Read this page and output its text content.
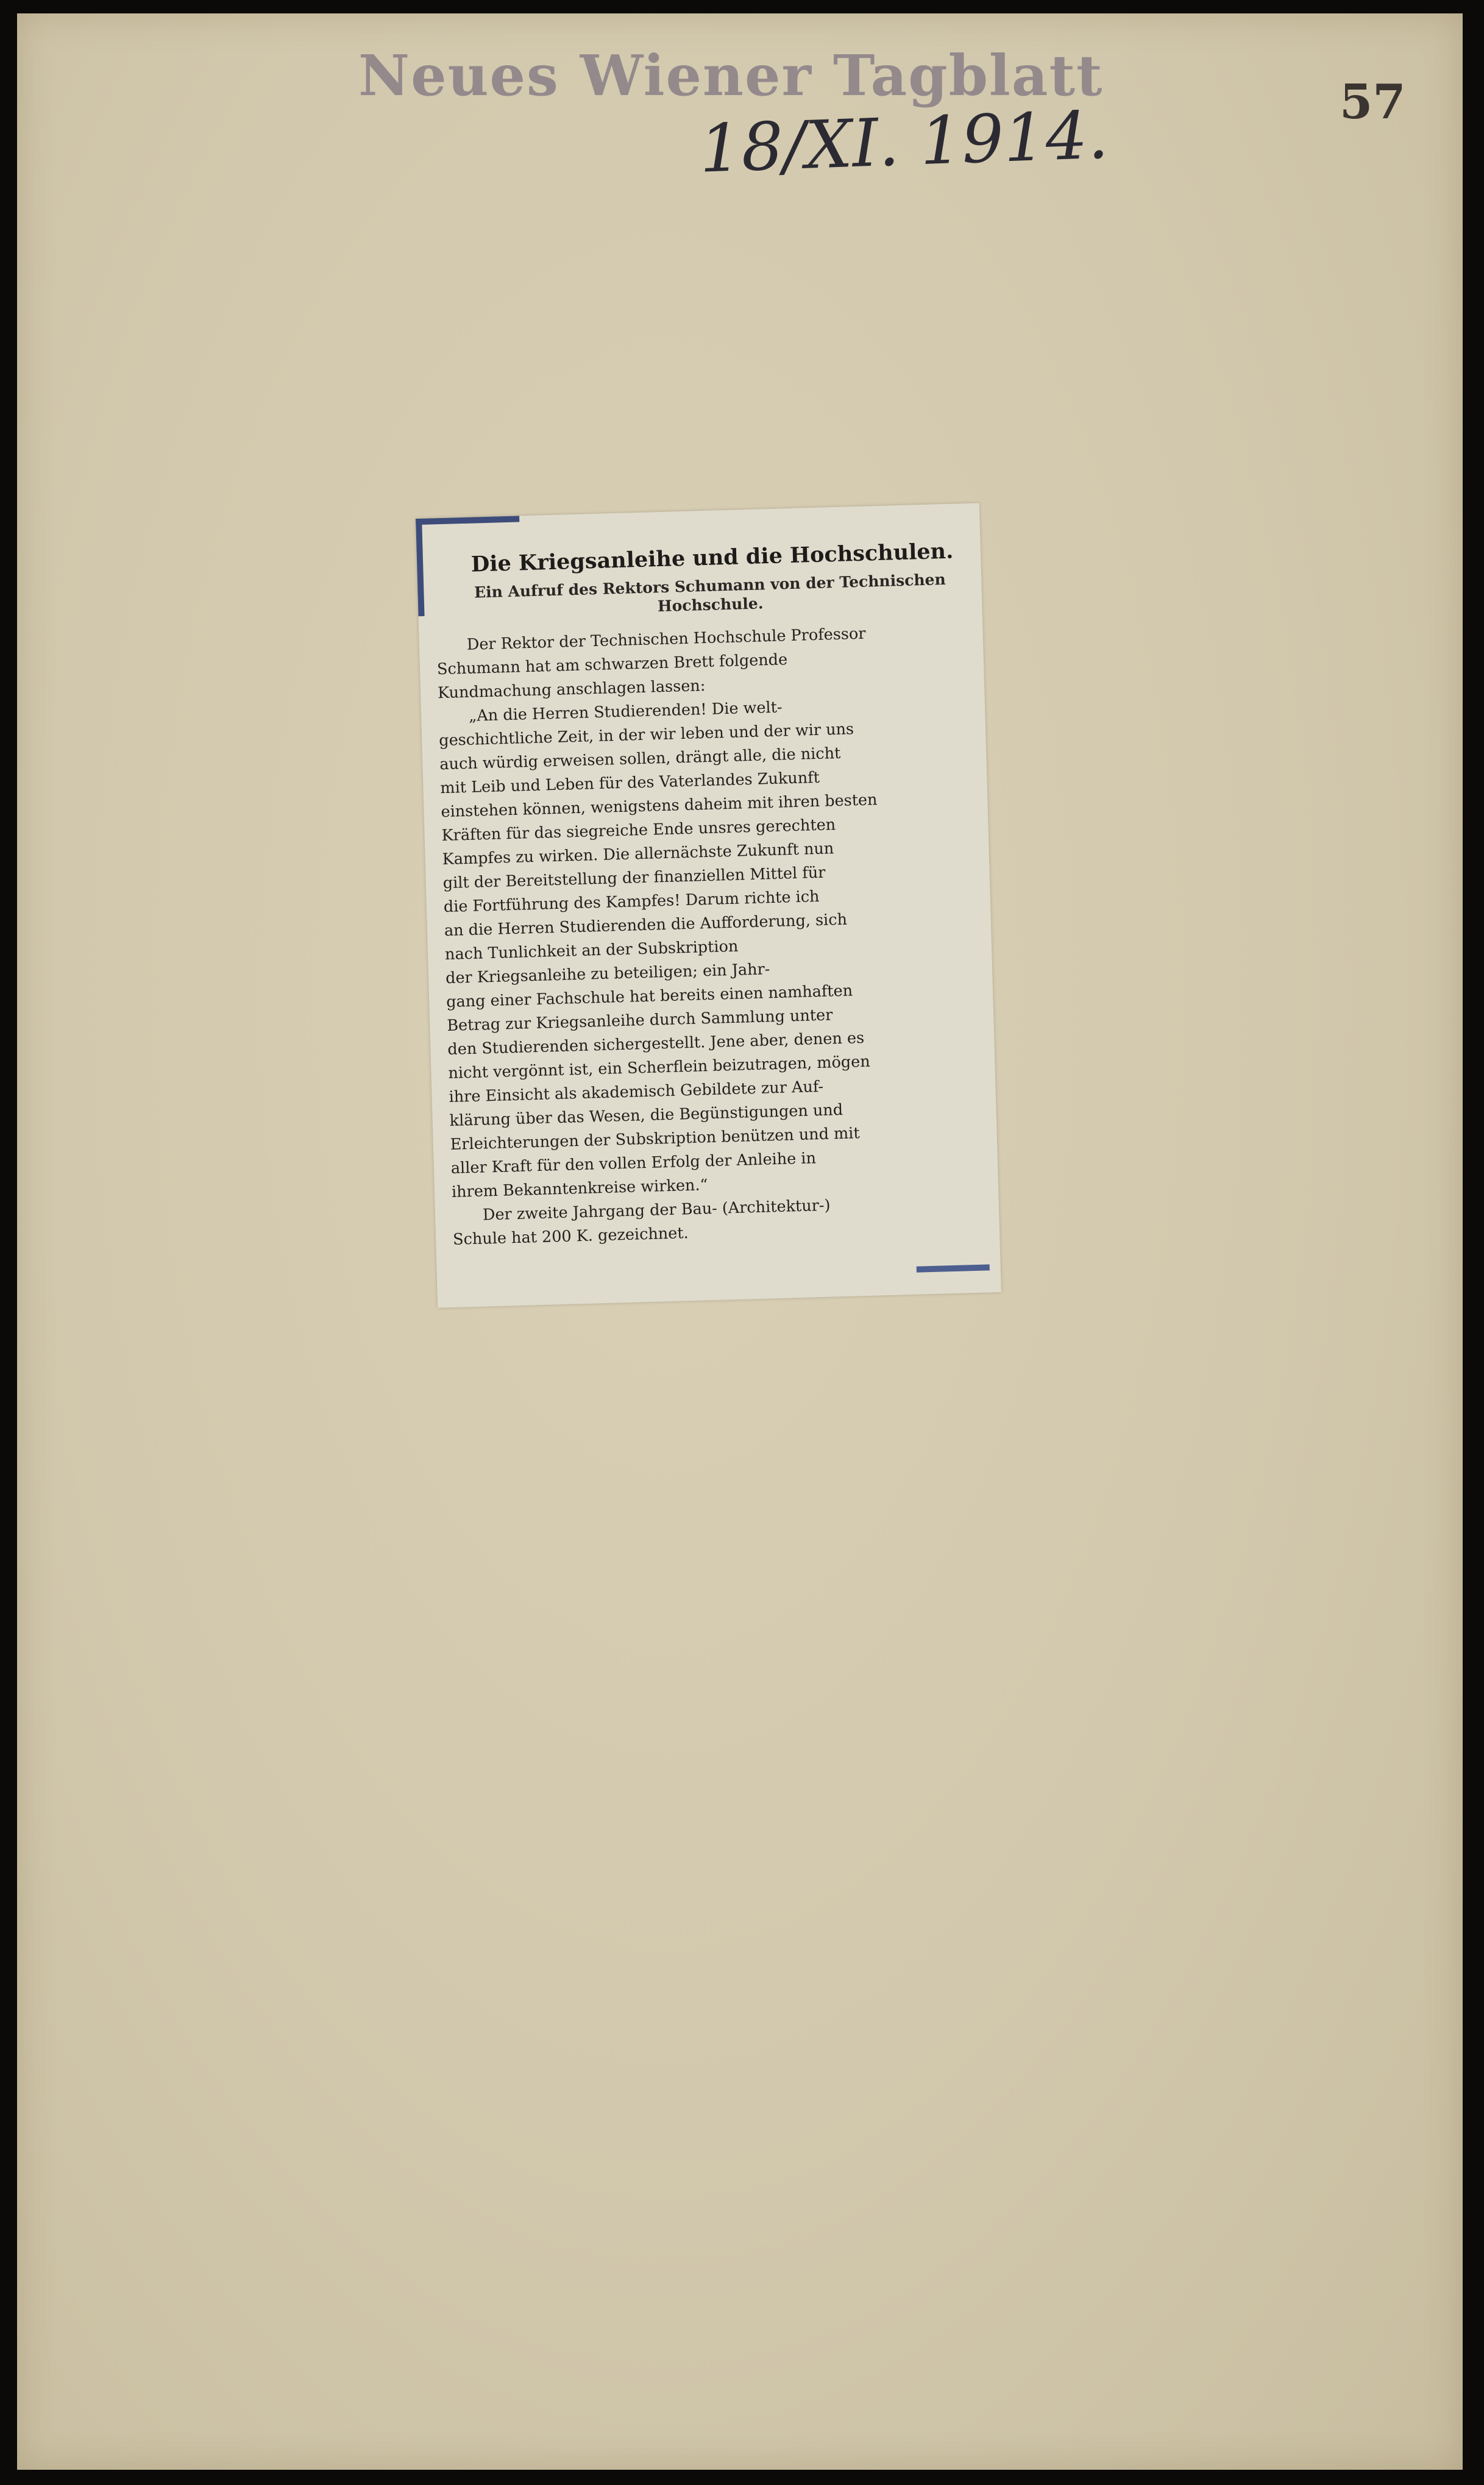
Neues Wiener Tagblatt	57
18/XI. 1914.
Die Kriegsanleihe und die Hochschulen.
Ein Aufruf des Rektors Schumann von der Technischen Hochschule.
Der Rektor der Technischen Hochschule Professor
Schumann hat am schwarzen Brett folgende
Kundmachung anschlagen lassen:
„An die Herren Studierenden! Die welt-
geschichtliche Zeit, in der wir leben und der wir uns
auch würdig erweisen sollen, drängt alle, die nicht
mit Leib und Leben für des Vaterlandes Zukunft
einstehen können, wenigstens daheim mit ihren besten
Kräften für das siegreiche Ende unsres gerechten
Kampfes zu wirken. Die allernächste Zukunft nun
gilt der Bereitstellung der finanziellen Mittel für
die Fortführung des Kampfes! Darum richte ich
an die Herren Studierenden die Aufforderung, sich
nach Tunlichkeit an der Subskription
der Kriegsanleihe zu beteiligen; ein Jahr-
gang einer Fachschule hat bereits einen namhaften
Betrag zur Kriegsanleihe durch Sammlung unter
den Studierenden sichergestellt. Jene aber, denen es
nicht vergönnt ist, ein Scherflein beizutragen, mögen
ihre Einsicht als akademisch Gebildete zur Auf-
klärung über das Wesen, die Begünstigungen und
Erleichterungen der Subskription benützen und mit
aller Kraft für den vollen Erfolg der Anleihe in
ihrem Bekanntenkreise wirken.“
Der zweite Jahrgang der Bau- (Architektur-)
Schule hat 200 K. gezeichnet.
